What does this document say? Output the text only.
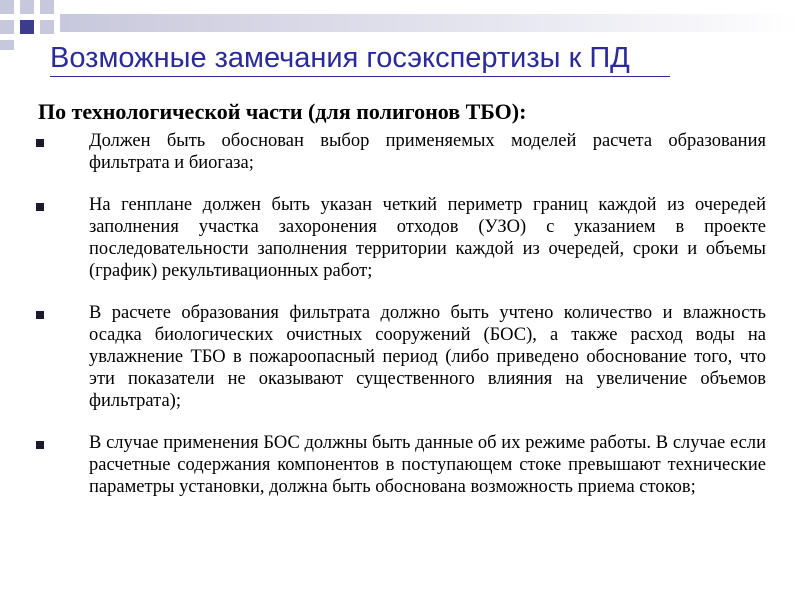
Возможные замечания госэкспертизы к ПД
По технологической части (для полигонов ТБО):
Должен быть обоснован выбор применяемых моделей расчета образования фильтрата и биогаза;
На генплане должен быть указан четкий периметр границ каждой из очередей заполнения участка захоронения отходов (УЗО) с указанием в проекте последовательности заполнения территории каждой из очередей, сроки и объемы (график) рекультивационных работ;
В расчете образования фильтрата должно быть учтено количество и влажность осадка биологических очистных сооружений (БОС), а также расход воды на увлажнение ТБО в пожароопасный период (либо приведено обоснование того, что эти показатели не оказывают существенного влияния на увеличение объемов фильтрата);
В случае применения БОС должны быть данные об их режиме работы. В случае если расчетные содержания компонентов в поступающем стоке превышают технические параметры установки, должна быть обоснована возможность приема стоков;
